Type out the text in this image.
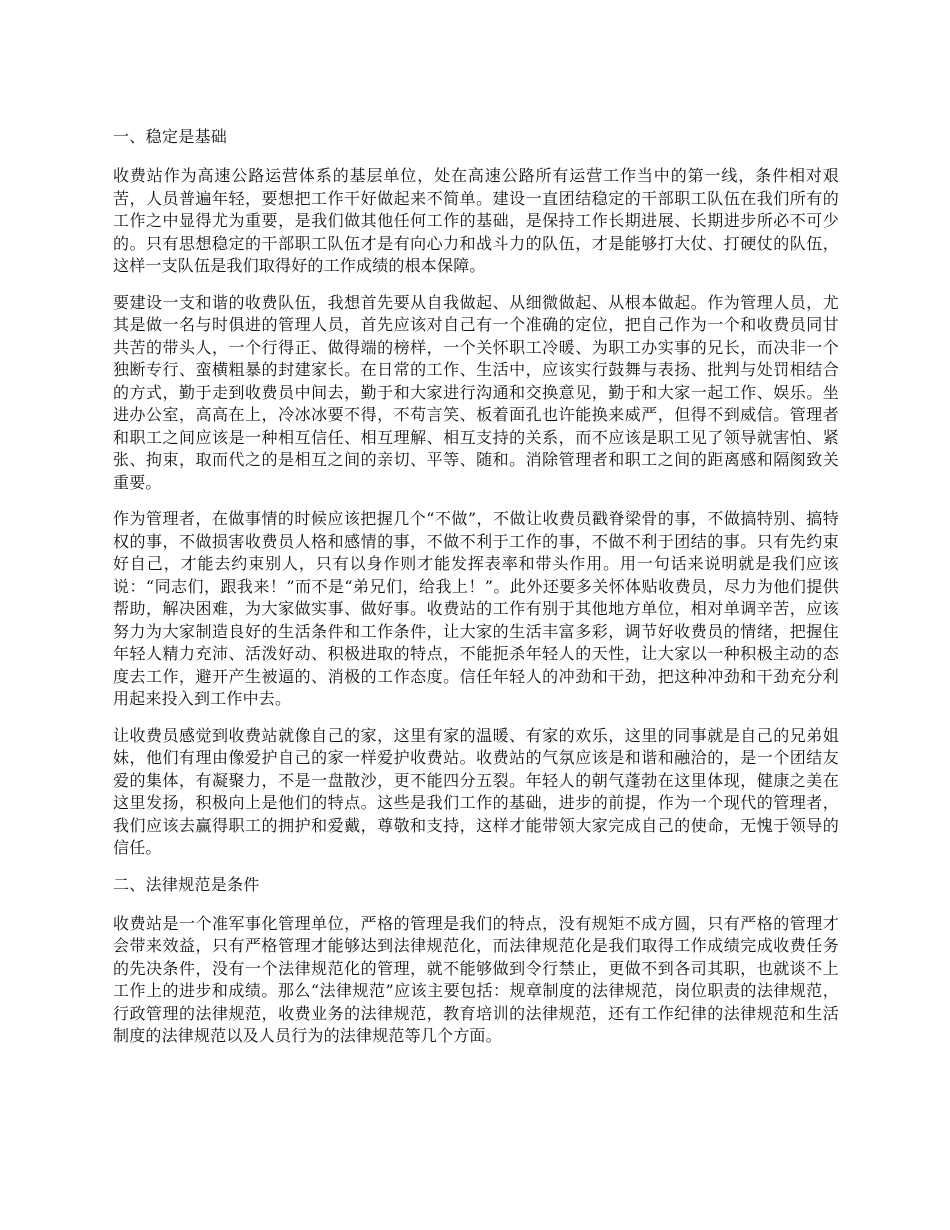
一、稳定是基础

收费站作为高速公路运营体系的基层单位，处在高速公路所有运营工作当中的第一线，条件相对艰苦，人员普遍年轻，要想把工作干好做起来不简单。建设一直团结稳定的干部职工队伍在我们所有的工作之中显得尤为重要，是我们做其他任何工作的基础，是保持工作长期进展、长期进步所必不可少的。只有思想稳定的干部职工队伍才是有向心力和战斗力的队伍，才是能够打大仗、打硬仗的队伍，这样一支队伍是我们取得好的工作成绩的根本保障。

要建设一支和谐的收费队伍，我想首先要从自我做起、从细微做起、从根本做起。作为管理人员，尤其是做一名与时俱进的管理人员，首先应该对自己有一个准确的定位，把自己作为一个和收费员同甘共苦的带头人，一个行得正、做得端的榜样，一个关怀职工冷暖、为职工办实事的兄长，而决非一个独断专行、蛮横粗暴的封建家长。在日常的工作、生活中，应该实行鼓舞与表扬、批判与处罚相结合的方式，勤于走到收费员中间去，勤于和大家进行沟通和交换意见，勤于和大家一起工作、娱乐。坐进办公室，高高在上，冷冰冰要不得，不苟言笑、板着面孔也许能换来威严，但得不到威信。管理者和职工之间应该是一种相互信任、相互理解、相互支持的关系，而不应该是职工见了领导就害怕、紧张、拘束，取而代之的是相互之间的亲切、平等、随和。消除管理者和职工之间的距离感和隔阂致关重要。

作为管理者，在做事情的时候应该把握几个“不做”，不做让收费员戳脊梁骨的事，不做搞特别、搞特权的事，不做损害收费员人格和感情的事，不做不利于工作的事，不做不利于团结的事。只有先约束好自己，才能去约束别人，只有以身作则才能发挥表率和带头作用。用一句话来说明就是我们应该说：“同志们，跟我来！”而不是“弟兄们，给我上！”。此外还要多关怀体贴收费员，尽力为他们提供帮助，解决困难，为大家做实事、做好事。收费站的工作有别于其他地方单位，相对单调辛苦，应该努力为大家制造良好的生活条件和工作条件，让大家的生活丰富多彩，调节好收费员的情绪，把握住年轻人精力充沛、活泼好动、积极进取的特点，不能扼杀年轻人的天性，让大家以一种积极主动的态度去工作，避开产生被逼的、消极的工作态度。信任年轻人的冲劲和干劲，把这种冲劲和干劲充分利用起来投入到工作中去。

让收费员感觉到收费站就像自己的家，这里有家的温暖、有家的欢乐，这里的同事就是自己的兄弟姐妹，他们有理由像爱护自己的家一样爱护收费站。收费站的气氛应该是和谐和融洽的，是一个团结友爱的集体，有凝聚力，不是一盘散沙，更不能四分五裂。年轻人的朝气蓬勃在这里体现，健康之美在这里发扬，积极向上是他们的特点。这些是我们工作的基础，进步的前提，作为一个现代的管理者，我们应该去赢得职工的拥护和爱戴，尊敬和支持，这样才能带领大家完成自己的使命，无愧于领导的信任。

二、法律规范是条件

收费站是一个准军事化管理单位，严格的管理是我们的特点，没有规矩不成方圆，只有严格的管理才会带来效益，只有严格管理才能够达到法律规范化，而法律规范化是我们取得工作成绩完成收费任务的先决条件，没有一个法律规范化的管理，就不能够做到令行禁止，更做不到各司其职，也就谈不上工作上的进步和成绩。那么“法律规范”应该主要包括：规章制度的法律规范，岗位职责的法律规范，行政管理的法律规范，收费业务的法律规范，教育培训的法律规范，还有工作纪律的法律规范和生活制度的法律规范以及人员行为的法律规范等几个方面。
